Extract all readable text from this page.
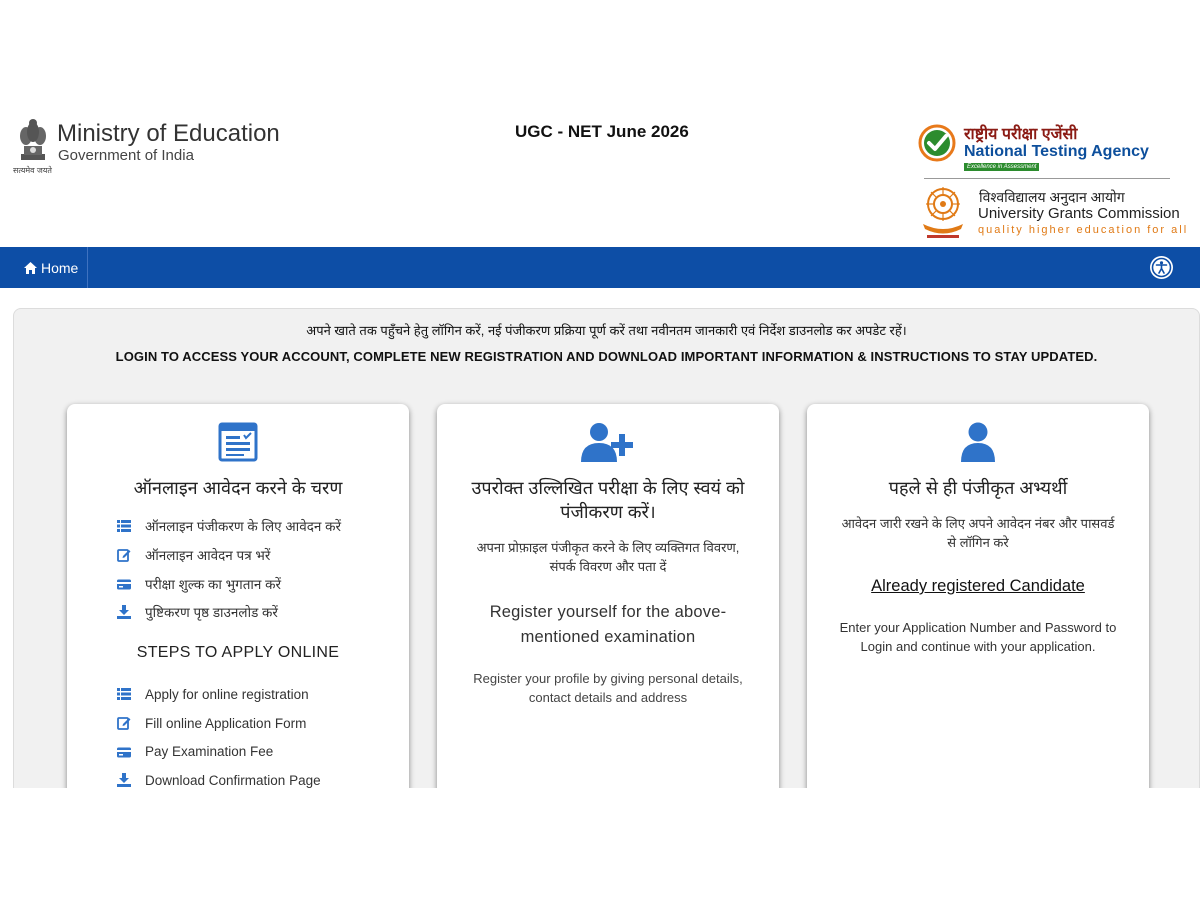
सत्यमेव जयते
Ministry of Education
Government of India
UGC - NET June 2026	राष्ट्रीय परीक्षा एजेंसी
National Testing Agency
Excellence in Assessment
विश्वविद्यालय अनुदान आयोग
University Grants Commission
quality higher education for all
Home
अपने खाते तक पहुँचने हेतु लॉगिन करें, नई पंजीकरण प्रक्रिया पूर्ण करें तथा नवीनतम जानकारी एवं निर्देश डाउनलोड कर अपडेट रहें।
LOGIN TO ACCESS YOUR ACCOUNT, COMPLETE NEW REGISTRATION AND DOWNLOAD IMPORTANT INFORMATION & INSTRUCTIONS TO STAY UPDATED.
ऑनलाइन आवेदन करने के चरण
ऑनलाइन पंजीकरण के लिए आवेदन करें
ऑनलाइन आवेदन पत्र भरें
परीक्षा शुल्क का भुगतान करें
पुष्टिकरण पृष्ठ डाउनलोड करें
STEPS TO APPLY ONLINE
Apply for online registration
Fill online Application Form
Pay Examination Fee
Download Confirmation Page
उपरोक्त उल्लिखित परीक्षा के लिए स्वयं को पंजीकरण करें।
अपना प्रोफ़ाइल पंजीकृत करने के लिए व्यक्तिगत विवरण, संपर्क विवरण और पता दें
Register yourself for the above-mentioned examination
Register your profile by giving personal details, contact details and address
पहले से ही पंजीकृत अभ्यर्थी
आवेदन जारी रखने के लिए अपने आवेदन नंबर और पासवर्ड से लॉगिन करे
Already registered Candidate
Enter your Application Number and Password to Login and continue with your application.
